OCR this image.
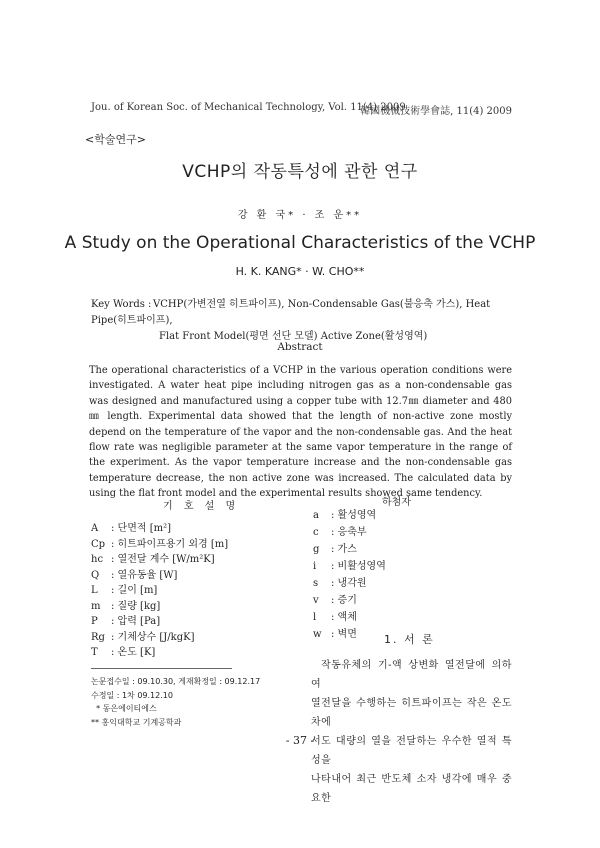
Jou. of Korean Soc. of Mechanical Technology, Vol. 11(4) 2009
韓國機械技術學會誌, 11(4) 2009
<학술연구>
VCHP의 작동특성에 관한 연구
강 환 국* · 조 운**
A Study on the Operational Characteristics of the VCHP
H. K. KANG* · W. CHO**
Key Words : VCHP(가변전열 히트파이프), Non-Condensable Gas(불응축 가스), Heat Pipe(히트파이프),
Flat Front Model(평면 선단 모델) Active Zone(활성영역)
Abstract
The operational characteristics of a VCHP in the various operation conditions were investigated. A water heat pipe including nitrogen gas as a non-condensable gas was designed and manufactured using a copper tube with 12.7㎜ diameter and 480㎜ length. Experimental data showed that the length of non-active zone mostly depend on the temperature of the vapor and the non-condensable gas. And the heat flow rate was negligible parameter at the same vapor temperature in the range of the experiment. As the vapor temperature increase and the non-condensable gas temperature decrease, the non active zone was increased. The calculated data by using the flat front model and the experimental results showed same tendency.
기 호 설 명
A : 단면적 [m²]
Cp : 히트파이프용기 외경 [m]
hc : 열전달 계수 [W/m²K]
Q : 열유동율 [W]
L : 길이 [m]
m : 질량 [kg]
P : 압력 [Pa]
Rg : 기체상수 [J/kgK]
T : 온도 [K]
하첨자
a : 활성영역
c : 응축부
g : 가스
i : 비활성영역
s : 냉각원
v : 증기
l : 액체
w : 벽면	1. 서 론
작동유체의 기-액 상변화 열전달에 의하여
열전달을 수행하는 히트파이프는 작은 온도차에
서도 대량의 열을 전달하는 우수한 열적 특성을
나타내어 최근 반도체 소자 냉각에 매우 중요한
논문접수일 : 09.10.30, 게재확정일 : 09.12.17
수정일 : 1차 09.12.10
* 동은에이티에스
** 홍익대학교 기계공학과
- 37 -
